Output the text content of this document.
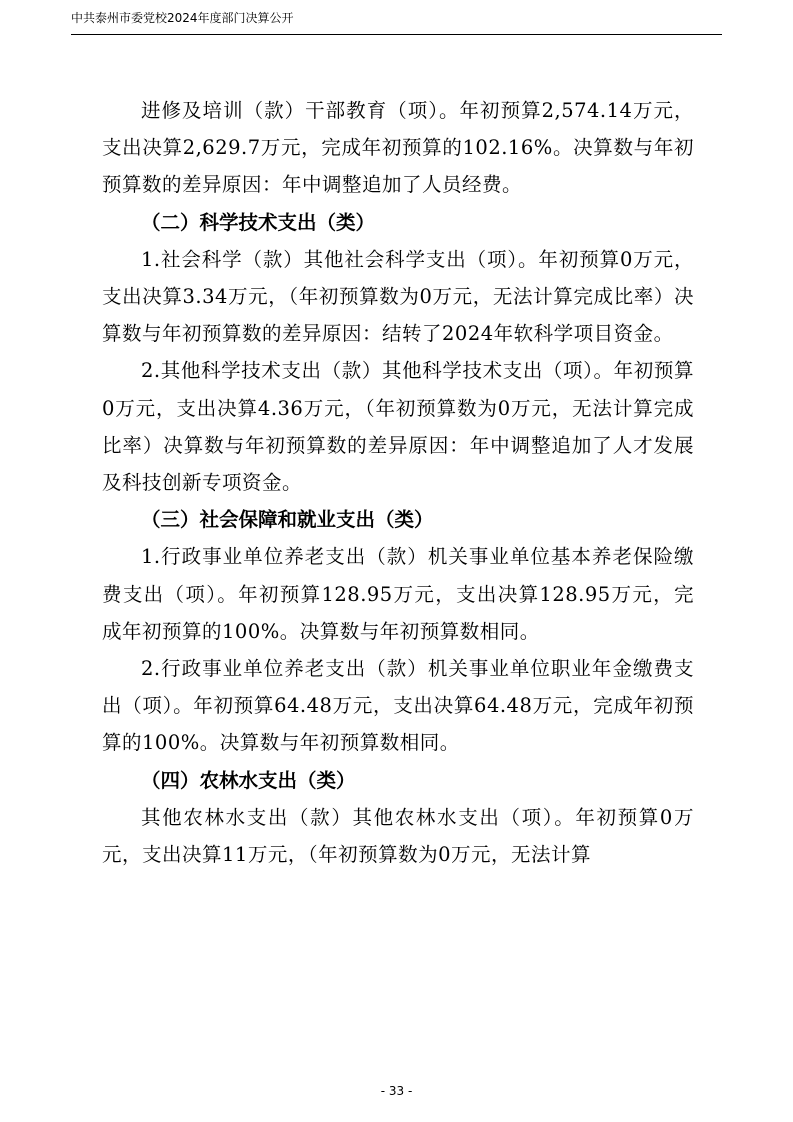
中共泰州市委党校2024年度部门决算公开

进修及培训（款）干部教育（项）。年初预算2,574.14万元，支出决算2,629.7万元，完成年初预算的102.16%。决算数与年初预算数的差异原因：年中调整追加了人员经费。

（二）科学技术支出（类）

1.社会科学（款）其他社会科学支出（项）。年初预算0万元，支出决算3.34万元，（年初预算数为0万元，无法计算完成比率）决算数与年初预算数的差异原因：结转了2024年软科学项目资金。

2.其他科学技术支出（款）其他科学技术支出（项）。年初预算0万元，支出决算4.36万元，（年初预算数为0万元，无法计算完成比率）决算数与年初预算数的差异原因：年中调整追加了人才发展及科技创新专项资金。

（三）社会保障和就业支出（类）

1.行政事业单位养老支出（款）机关事业单位基本养老保险缴费支出（项）。年初预算128.95万元，支出决算128.95万元，完成年初预算的100%。决算数与年初预算数相同。

2.行政事业单位养老支出（款）机关事业单位职业年金缴费支出（项）。年初预算64.48万元，支出决算64.48万元，完成年初预算的100%。决算数与年初预算数相同。

（四）农林水支出（类）

其他农林水支出（款）其他农林水支出（项）。年初预算0万元，支出决算11万元，（年初预算数为0万元，无法计算

- 33 -
